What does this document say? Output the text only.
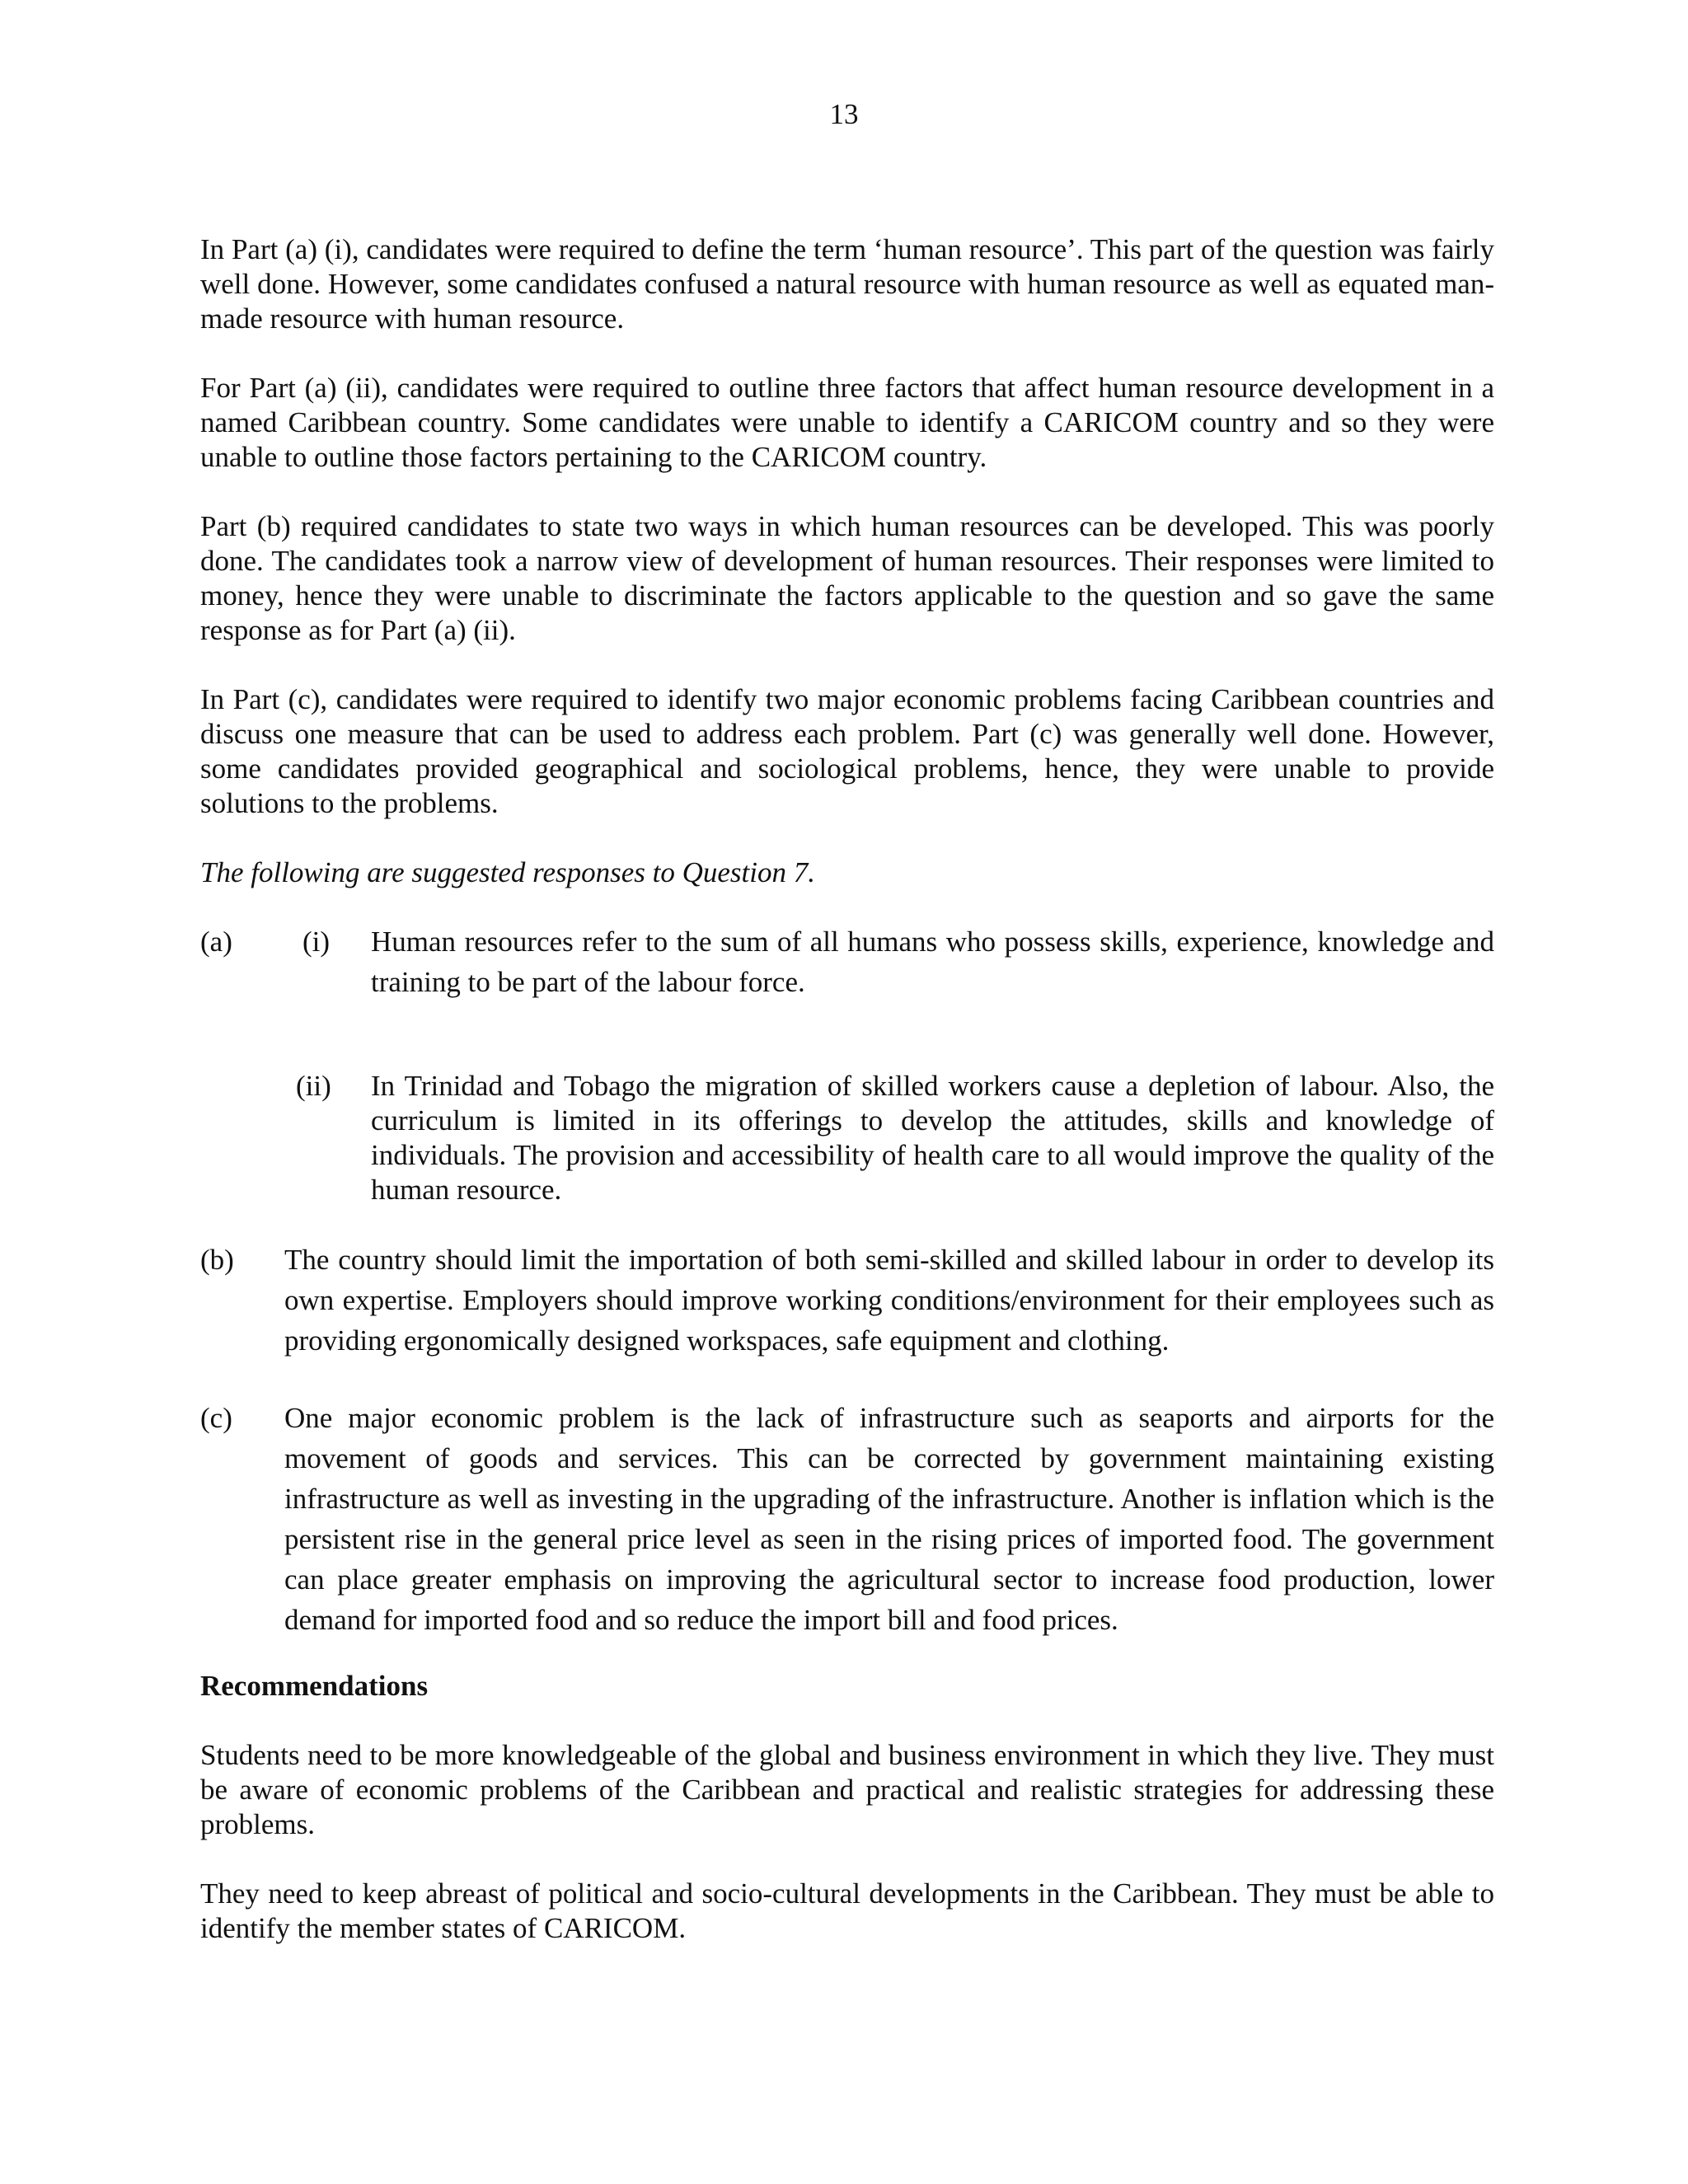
13

In Part (a) (i), candidates were required to define the term ‘human resource’. This part of the question was fairly well done. However, some candidates confused a natural resource with human resource as well as equated man-made resource with human resource.

For Part (a) (ii), candidates were required to outline three factors that affect human resource development in a named Caribbean country. Some candidates were unable to identify a CARICOM country and so they were unable to outline those factors pertaining to the CARICOM country.

Part (b) required candidates to state two ways in which human resources can be developed. This was poorly done. The candidates took a narrow view of development of human resources. Their responses were limited to money, hence they were unable to discriminate the factors applicable to the question and so gave the same response as for Part (a) (ii).

In Part (c), candidates were required to identify two major economic problems facing Caribbean countries and discuss one measure that can be used to address each problem. Part (c) was generally well done. However, some candidates provided geographical and sociological problems, hence, they were unable to provide solutions to the problems.

The following are suggested responses to Question 7.

(a) (i) Human resources refer to the sum of all humans who possess skills, experience, knowledge and training to be part of the labour force.
(ii) In Trinidad and Tobago the migration of skilled workers cause a depletion of labour. Also, the curriculum is limited in its offerings to develop the attitudes, skills and knowledge of individuals. The provision and accessibility of health care to all would improve the quality of the human resource.
(b) The country should limit the importation of both semi-skilled and skilled labour in order to develop its own expertise. Employers should improve working conditions/environment for their employees such as providing ergonomically designed workspaces, safe equipment and clothing.
(c) One major economic problem is the lack of infrastructure such as seaports and airports for the movement of goods and services. This can be corrected by government maintaining existing infrastructure as well as investing in the upgrading of the infrastructure. Another is inflation which is the persistent rise in the general price level as seen in the rising prices of imported food. The government can place greater emphasis on improving the agricultural sector to increase food production, lower demand for imported food and so reduce the import bill and food prices.

Recommendations

Students need to be more knowledgeable of the global and business environment in which they live. They must be aware of economic problems of the Caribbean and practical and realistic strategies for addressing these problems.

They need to keep abreast of political and socio-cultural developments in the Caribbean. They must be able to identify the member states of CARICOM.
